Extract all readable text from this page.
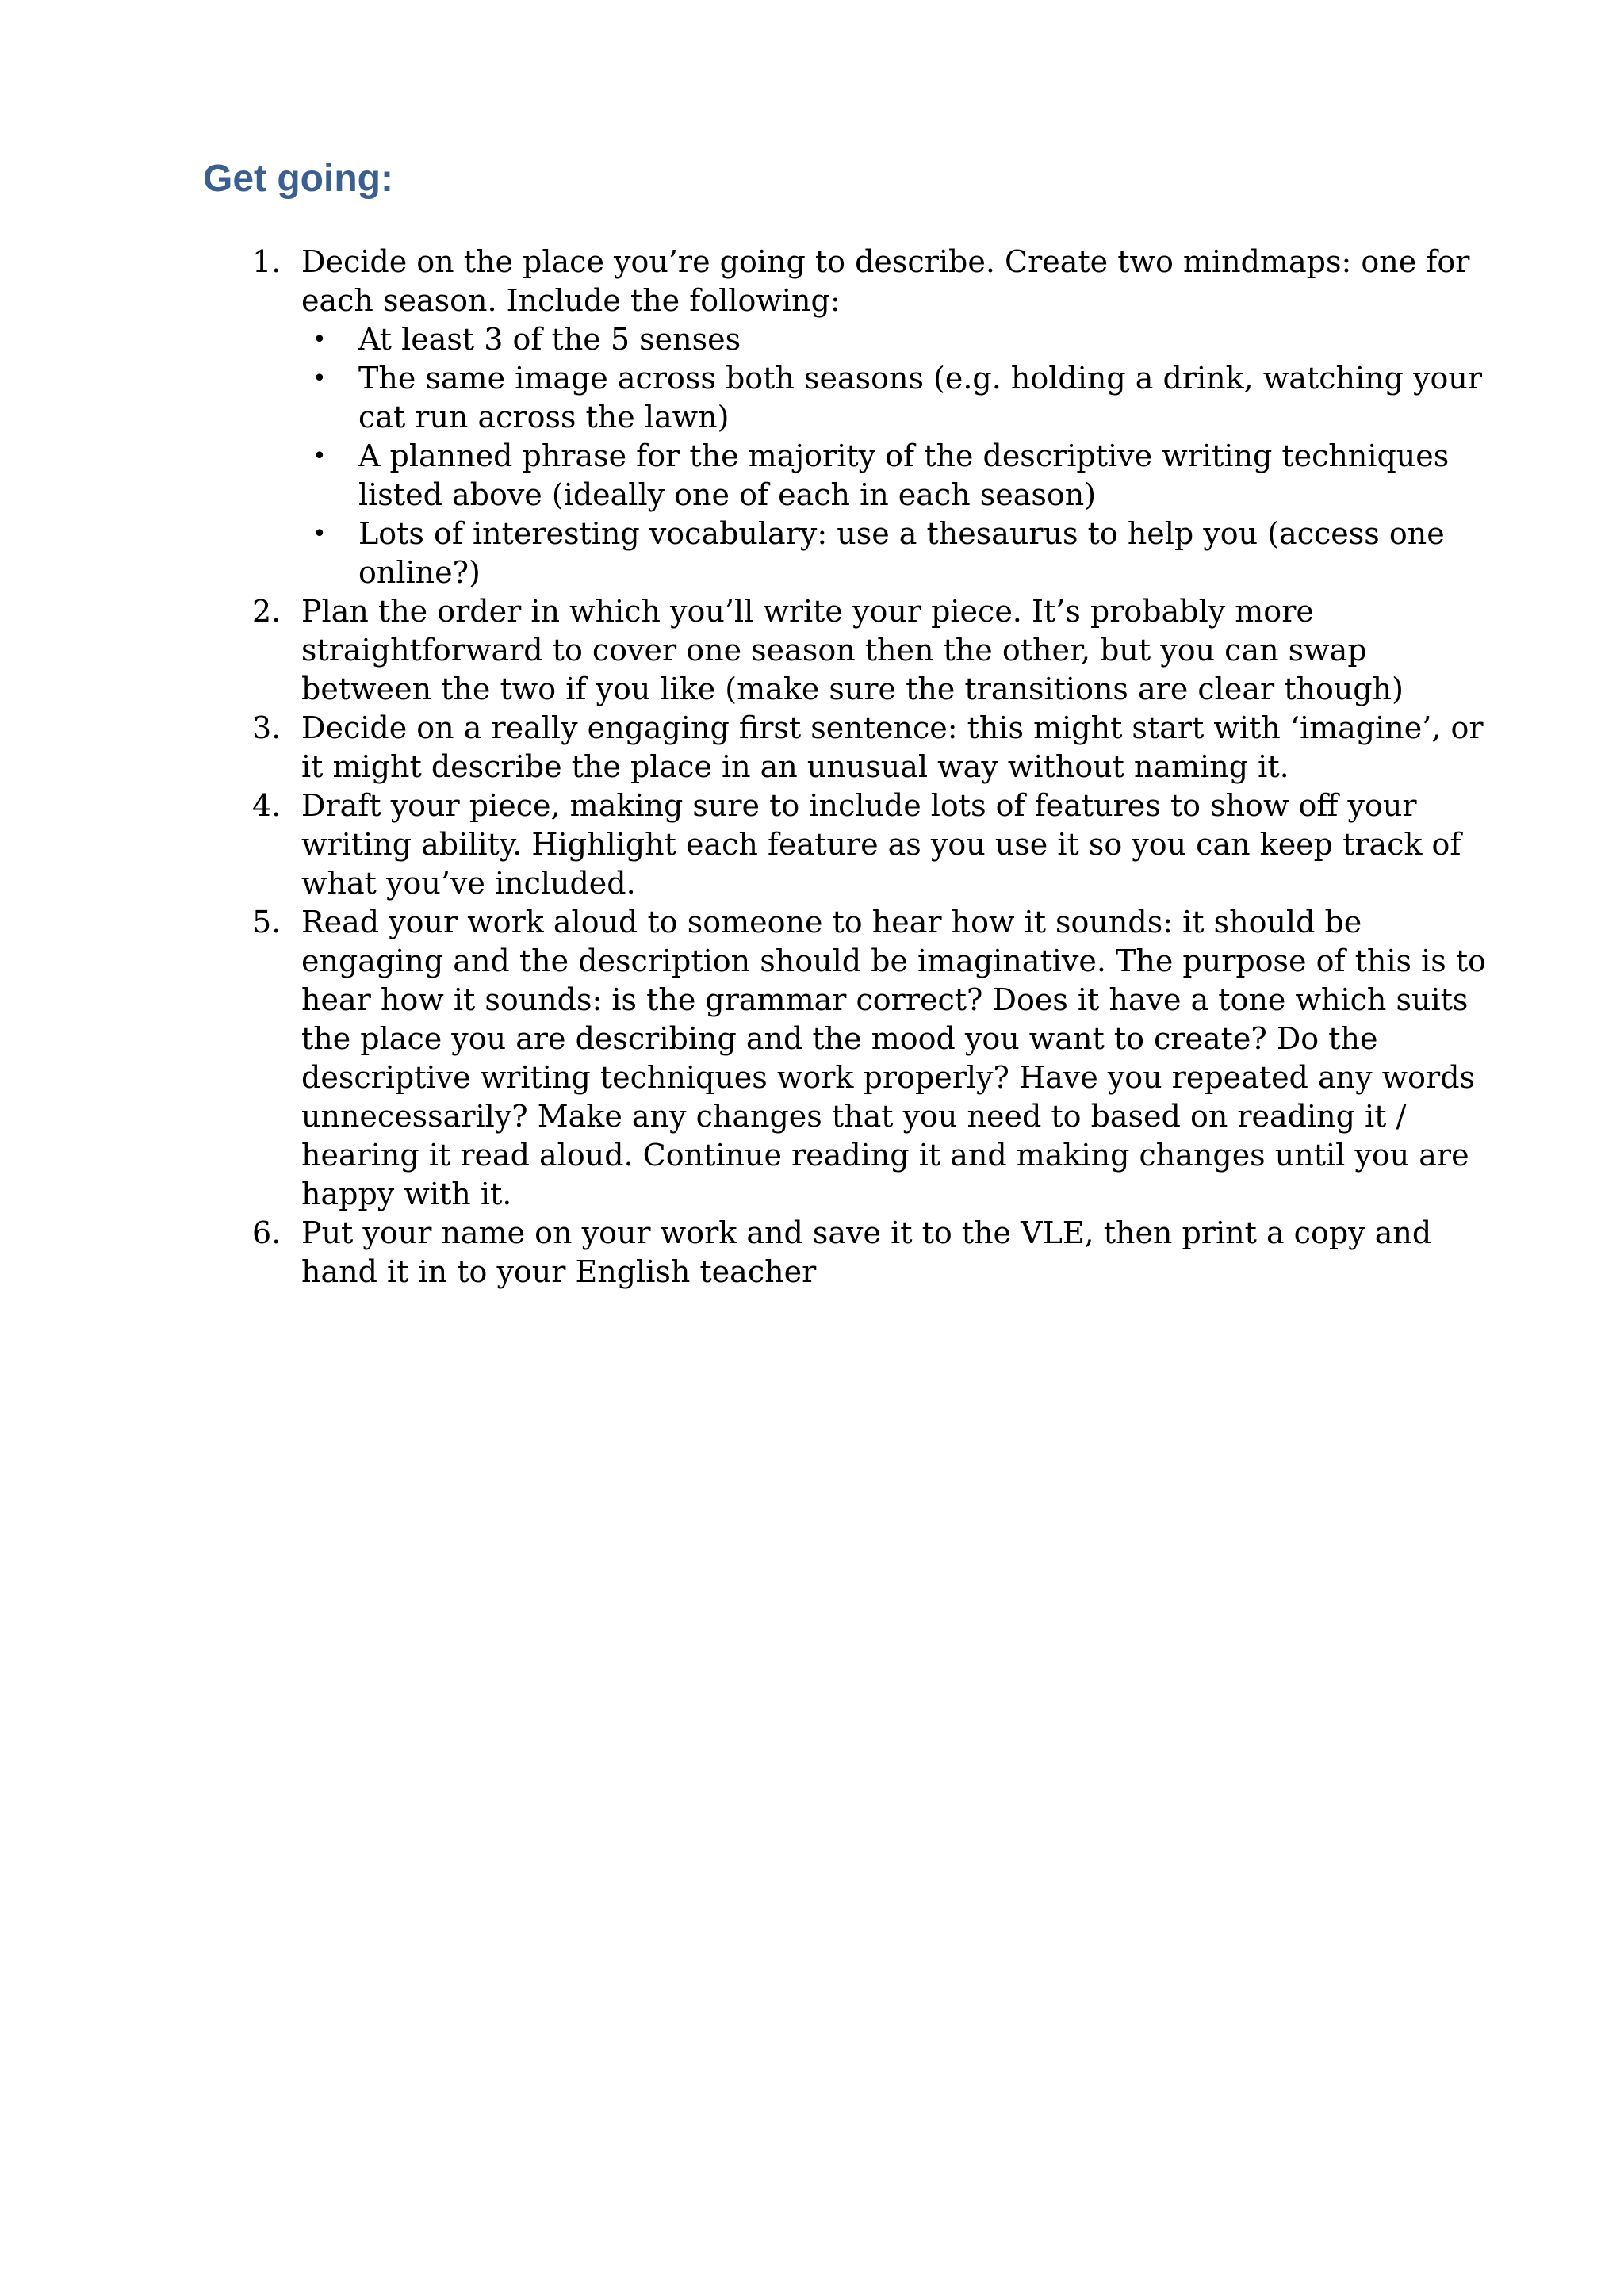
Get going:
1. Decide on the place you’re going to describe. Create two mindmaps: one for each season. Include the following:
• At least 3 of the 5 senses
• The same image across both seasons (e.g. holding a drink, watching your cat run across the lawn)
• A planned phrase for the majority of the descriptive writing techniques listed above (ideally one of each in each season)
• Lots of interesting vocabulary: use a thesaurus to help you (access one online?)
2. Plan the order in which you’ll write your piece. It’s probably more straightforward to cover one season then the other, but you can swap between the two if you like (make sure the transitions are clear though)
3. Decide on a really engaging first sentence: this might start with ‘imagine’, or it might describe the place in an unusual way without naming it.
4. Draft your piece, making sure to include lots of features to show off your writing ability. Highlight each feature as you use it so you can keep track of what you’ve included.
5. Read your work aloud to someone to hear how it sounds: it should be engaging and the description should be imaginative. The purpose of this is to hear how it sounds: is the grammar correct? Does it have a tone which suits the place you are describing and the mood you want to create? Do the descriptive writing techniques work properly? Have you repeated any words unnecessarily? Make any changes that you need to based on reading it / hearing it read aloud. Continue reading it and making changes until you are happy with it.
6. Put your name on your work and save it to the VLE, then print a copy and hand it in to your English teacher
